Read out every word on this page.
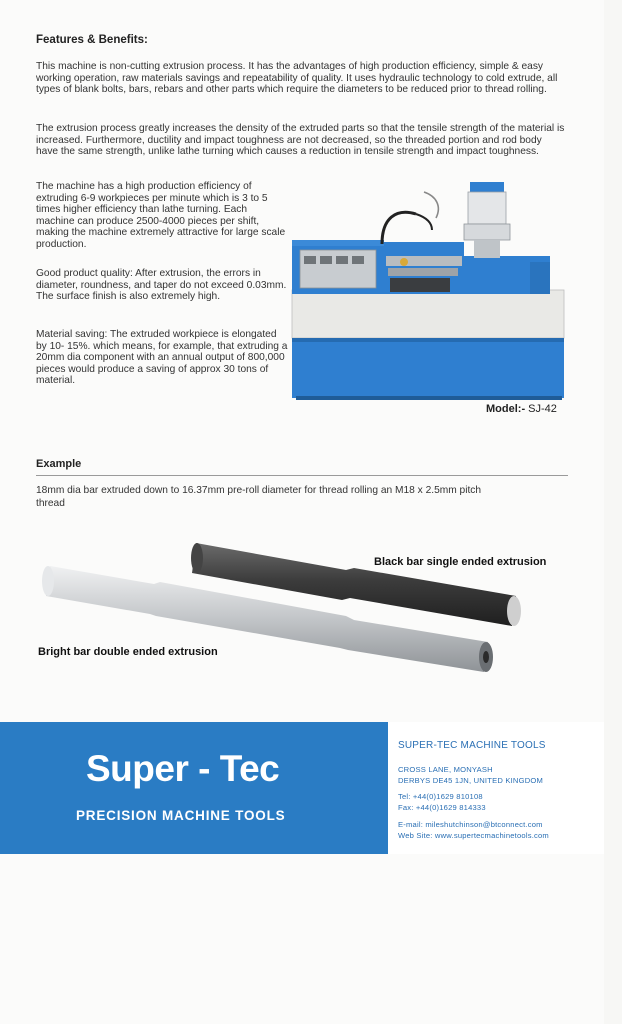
Features & Benefits:
This machine is non-cutting extrusion process. It has the advantages of high production efficiency, simple & easy working operation, raw materials savings and repeatability of quality. It uses hydraulic technology to cold extrude, all types of blank bolts, bars, rebars and other parts which require the diameters to be reduced prior to thread rolling.
The extrusion process greatly increases the density of the extruded parts so that the tensile strength of the material is increased. Furthermore, ductility and impact toughness are not decreased, so the threaded portion and rod body have the same strength, unlike lathe turning which causes a reduction in tensile strength and impact toughness.
The machine has a high production efficiency of extruding 6-9 workpieces per minute which is 3 to 5 times higher efficiency than lathe turning. Each machine can produce 2500-4000 pieces per shift, making the machine extremely attractive for large scale production.
Good product quality: After extrusion, the errors in diameter, roundness, and taper do not exceed 0.03mm. The surface finish is also extremely high.
Material saving: The extruded workpiece is elongated by 10- 15%. which means, for example, that extruding a 20mm dia component with an annual output of 800,000 pieces would produce a saving of approx 30 tons of material.
Model:- SJ-42
Example
18mm dia bar extruded down to 16.37mm pre-roll diameter for thread rolling an M18 x 2.5mm pitch thread
Black bar single ended extrusion
Bright bar double ended extrusion
Super - Tec
PRECISION MACHINE TOOLS
SUPER-TEC MACHINE TOOLS
CROSS LANE, MONYASH
DERBYS DE45 1JN, UNITED KINGDOM
Tel: +44(0)1629 810108
Fax: +44(0)1629 814333
E-mail: mileshutchinson@btconnect.com
Web Site: www.supertecmachinetools.com
